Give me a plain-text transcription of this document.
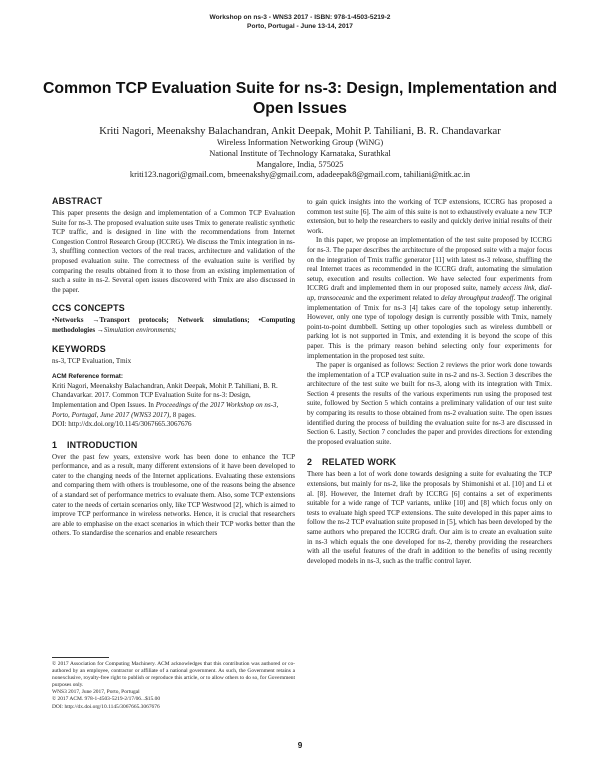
Workshop on ns-3 - WNS3 2017 - ISBN: 978-1-4503-5219-2
Porto, Portugal - June 13-14, 2017
Common TCP Evaluation Suite for ns-3: Design, Implementation and Open Issues
Kriti Nagori, Meenakshy Balachandran, Ankit Deepak, Mohit P. Tahiliani, B. R. Chandavarkar
Wireless Information Networking Group (WiNG)
National Institute of Technology Karnataka, Surathkal
Mangalore, India, 575025
kriti123.nagori@gmail.com, bmeenakshy@gmail.com, adadeepak8@gmail.com, tahiliani@nitk.ac.in
ABSTRACT

This paper presents the design and implementation of a Common TCP Evaluation Suite for ns-3. The proposed evaluation suite uses Tmix to generate realistic synthetic TCP traffic, and is designed in line with the recommendations from Internet Congestion Control Research Group (ICCRG). We discuss the Tmix integration in ns-3, shuffling connection vectors of the real traces, architecture and validation of the proposed evaluation suite. The correctness of the evaluation suite is verified by comparing the results obtained from it to those from an existing implementation of such a suite in ns-2. Several open issues discovered with Tmix are also discussed in the paper.

CCS CONCEPTS

•Networks →Transport protocols; Network simulations; •Computing methodologies →Simulation environments;

KEYWORDS

ns-3, TCP Evaluation, Tmix

ACM Reference format:

Kriti Nagori, Meenakshy Balachandran, Ankit Deepak, Mohit P. Tahiliani, B. R. Chandavarkar. 2017. Common TCP Evaluation Suite for ns-3: Design, Implementation and Open Issues. In Proceedings of the 2017 Workshop on ns-3, Porto, Portugal, June 2017 (WNS3 2017), 8 pages.
DOI: http://dx.doi.org/10.1145/3067665.3067676

1 INTRODUCTION

Over the past few years, extensive work has been done to enhance the TCP performance, and as a result, many different extensions of it have been developed to cater to the changing needs of the Internet applications. Evaluating these extensions and comparing them with others is troublesome, one of the reasons being the absence of a standard set of performance metrics to evaluate them. Also, some TCP extensions cater to the needs of certain scenarios only, like TCP Westwood [2], which is aimed to improve TCP performance in wireless networks. Hence, it is crucial that researchers are able to emphasise on the exact scenarios in which their TCP works better than the others. To standardise the scenarios and enable researchers

© 2017 Association for Computing Machinery. ACM acknowledges that this contribution was authored or co-authored by an employee, contractor or affiliate of a national government. As such, the Government retains a nonexclusive, royalty-free right to publish or reproduce this article, or to allow others to do so, for Government purposes only.

WNS3 2017, June 2017, Porto, Portugal

© 2017 ACM. 978-1-4503-5219-2/17/06...$15.00

DOI: http://dx.doi.org/10.1145/3067665.3067676

to gain quick insights into the working of TCP extensions, ICCRG has proposed a common test suite [6]. The aim of this suite is not to exhaustively evaluate a new TCP extension, but to help the researchers to easily and quickly derive initial results of their work.

In this paper, we propose an implementation of the test suite proposed by ICCRG for ns-3. The paper describes the architecture of the proposed suite with a major focus on the integration of Tmix traffic generator [11] with latest ns-3 release, shuffling the real Internet traces as recommended in the ICCRG draft, automating the simulation setup, execution and results collection. We have selected four experiments from ICCRG draft and implemented them in our proposed suite, namely access link, dial-up, transoceanic and the experiment related to delay throughput tradeoff. The original implementation of Tmix for ns-3 [4] takes care of the topology setup inherently. However, only one type of topology design is currently possible with Tmix, namely point-to-point dumbbell. Setting up other topologies such as wireless dumbbell or parking lot is not supported in Tmix, and extending it is beyond the scope of this paper. This is the primary reason behind selecting only four experiments for implementation in the proposed test suite.

The paper is organised as follows: Section 2 reviews the prior work done towards the implementation of a TCP evaluation suite in ns-2 and ns-3. Section 3 describes the architecture of the test suite we built for ns-3, along with its integration with Tmix. Section 4 presents the results of the various experiments run using the proposed test suite, followed by Section 5 which contains a preliminary validation of our test suite by comparing its results to those obtained from ns-2 evaluation suite. The open issues identified during the process of building the evaluation suite for ns-3 are discussed in Section 6. Lastly, Section 7 concludes the paper and provides directions for extending the proposed evaluation suite.

2 RELATED WORK

There has been a lot of work done towards designing a suite for evaluating the TCP extensions, but mainly for ns-2, like the proposals by Shimonishi et al. [10] and Li et al. [8]. However, the Internet draft by ICCRG [6] contains a set of experiments suitable for a wide range of TCP variants, unlike [10] and [8] which focus only on tests to evaluate high speed TCP extensions. The suite developed in this paper aims to follow the ns-2 TCP evaluation suite proposed in [5], which has been developed by the same authors who prepared the ICCRG draft. Our aim is to create an evaluation suite in ns-3 which equals the one developed for ns-2, thereby providing the researchers with all the useful features of the draft in addition to the benefits of using recently developed models in ns-3, such as the traffic control layer.

9
